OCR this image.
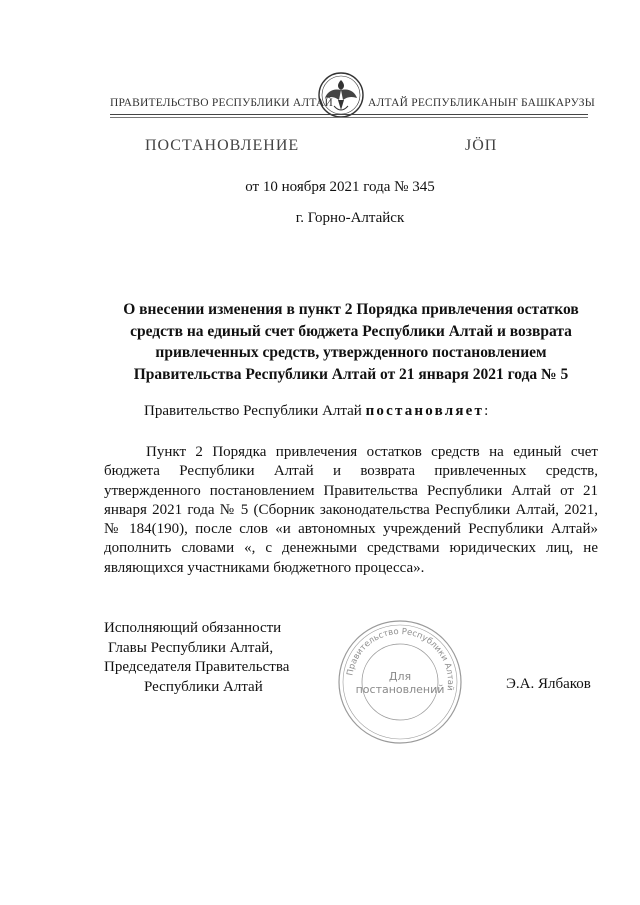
ПРАВИТЕЛЬСТВО РЕСПУБЛИКИ АЛТАЙ	АЛТАЙ РЕСПУБЛИКАНЫҤ БАШКАРУЗЫ
ПОСТАНОВЛЕНИЕ	JӦП
от 10 ноября 2021 года № 345
г. Горно-Алтайск
О внесении изменения в пункт 2 Порядка привлечения остатков средств на единый счет бюджета Республики Алтай и возврата привлеченных средств, утвержденного постановлением Правительства Республики Алтай от 21 января 2021 года № 5
Правительство Республики Алтай постановляет:
Пункт 2 Порядка привлечения остатков средств на единый счет бюджета Республики Алтай и возврата привлеченных средств, утвержденного постановлением Правительства Республики Алтай от 21 января 2021 года № 5 (Сборник законодательства Республики Алтай, 2021, № 184(190), после слов «и автономных учреждений Республики Алтай» дополнить словами «, с денежными средствами юридических лиц, не являющихся участниками бюджетного процесса».
Исполняющий обязанности
Главы Республики Алтай,
Председателя Правительства
Республики Алтай
Правительство Республики Алтай
Для
постановлений	Э.А. Ялбаков
